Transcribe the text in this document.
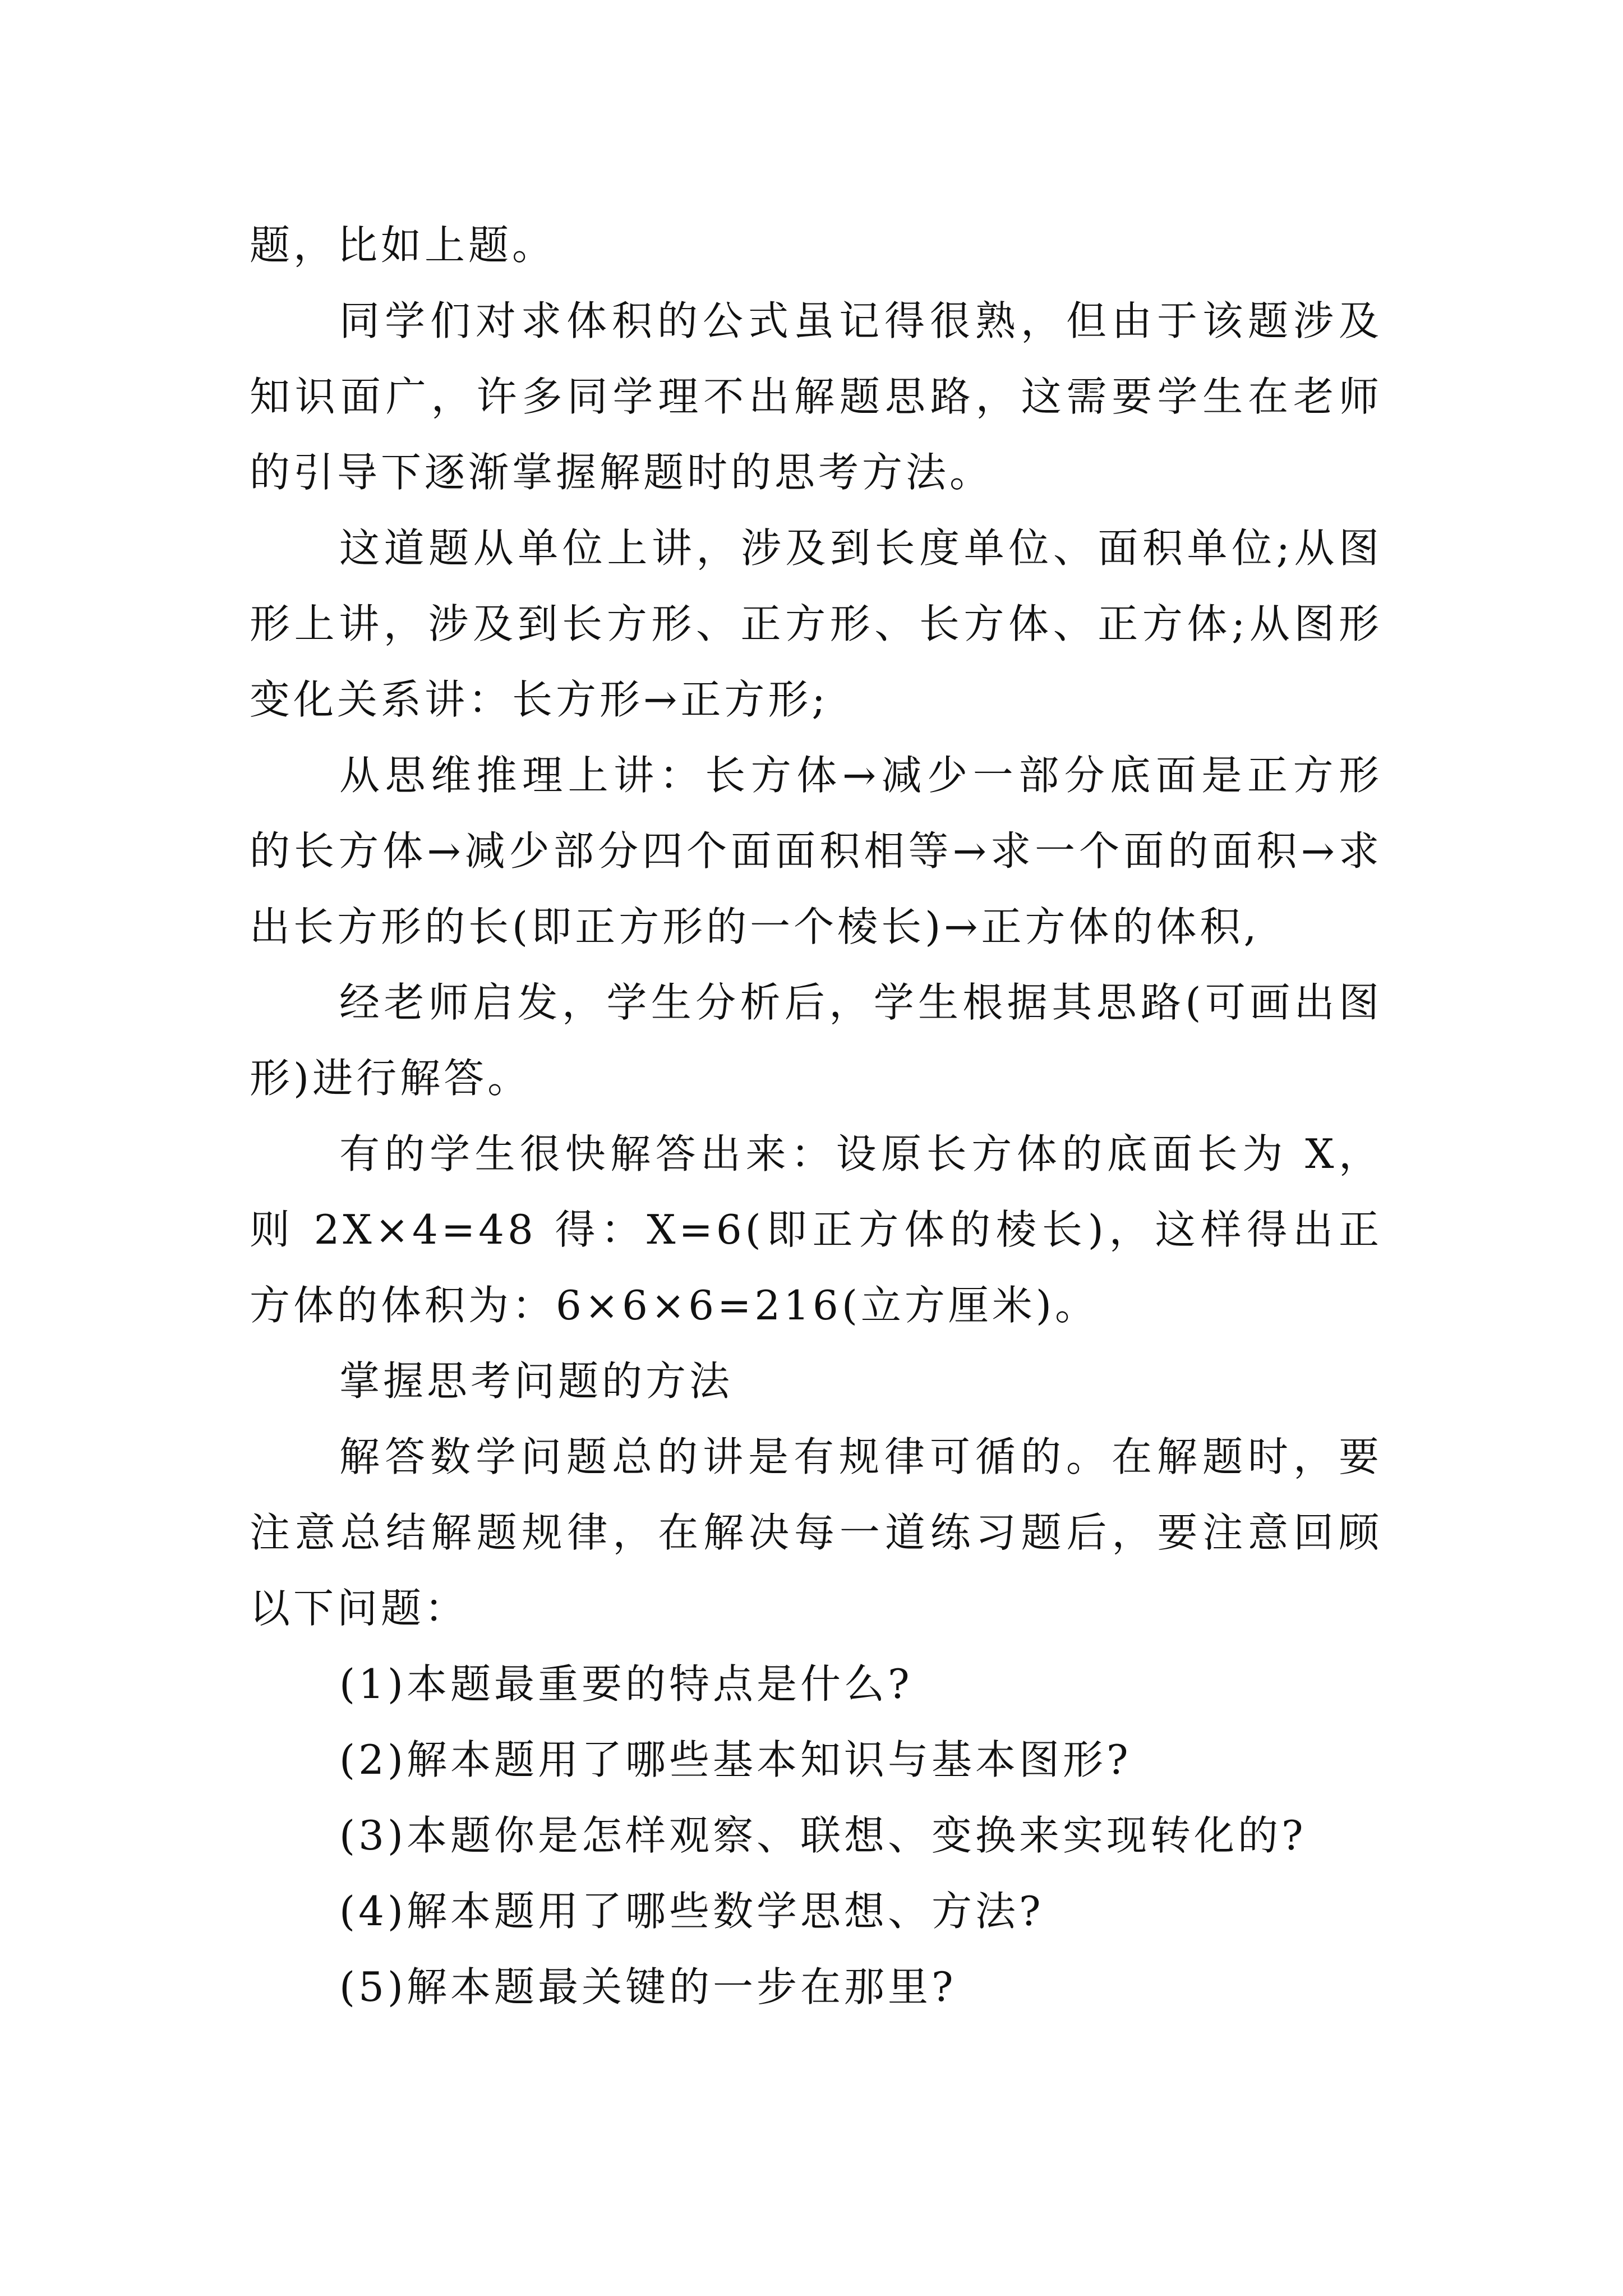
题，比如上题。

同学们对求体积的公式虽记得很熟，但由于该题涉及知识面广，许多同学理不出解题思路，这需要学生在老师的引导下逐渐掌握解题时的思考方法。

这道题从单位上讲，涉及到长度单位、面积单位;从图形上讲，涉及到长方形、正方形、长方体、正方体;从图形变化关系讲：长方形→正方形;

从思维推理上讲：长方体→减少一部分底面是正方形的长方体→减少部分四个面面积相等→求一个面的面积→求出长方形的长(即正方形的一个棱长)→正方体的体积,

经老师启发，学生分析后，学生根据其思路(可画出图形)进行解答。

有的学生很快解答出来：设原长方体的底面长为 X，则 2X×4=48 得：X=6(即正方体的棱长)，这样得出正方体的体积为：6×6×6=216(立方厘米)。

掌握思考问题的方法

解答数学问题总的讲是有规律可循的。在解题时，要注意总结解题规律，在解决每一道练习题后，要注意回顾以下问题：

(1)本题最重要的特点是什么?

(2)解本题用了哪些基本知识与基本图形?

(3)本题你是怎样观察、联想、变换来实现转化的?

(4)解本题用了哪些数学思想、方法?

(5)解本题最关键的一步在那里?
